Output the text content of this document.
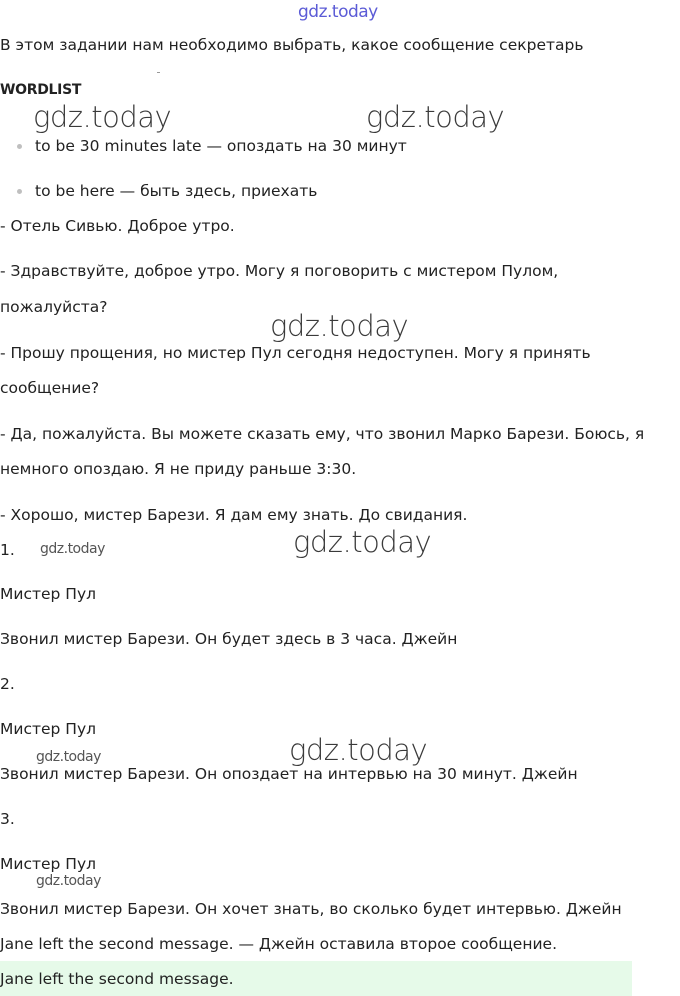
gdz.today
gdz.today	gdz.today
gdz.today
gdz.today
gdz.today
gdz.today
gdz.today
gdz.today
В этом задании нам необходимо выбрать, какое сообщение секретарь
WORDLIST
to be 30 minutes late — опоздать на 30 минут
to be here — быть здесь, приехать
- Отель Сивью. Доброе утро.
- Здравствуйте, доброе утро. Могу я поговорить с мистером Пулом,
пожалуйста?
- Прошу прощения, но мистер Пул сегодня недоступен. Могу я принять
сообщение?
- Да, пожалуйста. Вы можете сказать ему, что звонил Марко Барези. Боюсь, я
немного опоздаю. Я не приду раньше 3:30.
- Хорошо, мистер Барези. Я дам ему знать. До свидания.
1.
Мистер Пул
Звонил мистер Барези. Он будет здесь в 3 часа. Джейн
2.
Мистер Пул
Звонил мистер Барези. Он опоздает на интервью на 30 минут. Джейн
3.
Мистер Пул
Звонил мистер Барези. Он хочет знать, во сколько будет интервью. Джейн
Jane left the second message. — Джейн оставила второе сообщение.
Jane left the second message.
